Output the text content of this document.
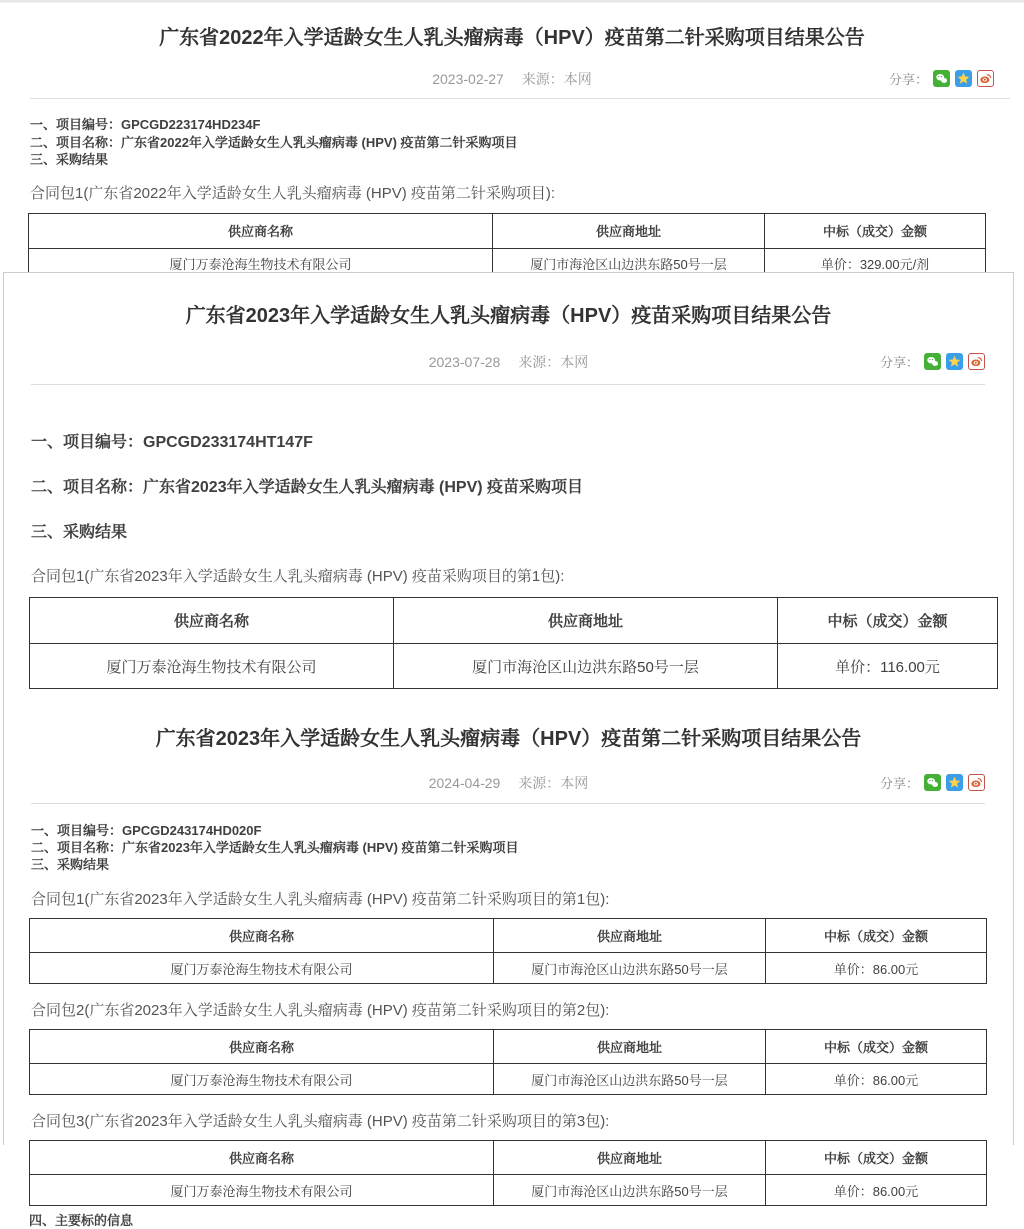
广东省2022年入学适龄女生人乳头瘤病毒（HPV）疫苗第二针采购项目结果公告
2023-02-27 来源：本网	分享：
一、项目编号：GPCGD223174HD234F
二、项目名称：广东省2022年入学适龄女生人乳头瘤病毒 (HPV) 疫苗第二针采购项目
三、采购结果
合同包1(广东省2022年入学适龄女生人乳头瘤病毒 (HPV) 疫苗第二针采购项目):
供应商名称	供应商地址	中标（成交）金额
厦门万泰沧海生物技术有限公司	厦门市海沧区山边洪东路50号一层	单价：329.00元/剂
广东省2023年入学适龄女生人乳头瘤病毒（HPV）疫苗采购项目结果公告
2023-07-28 来源：本网	分享：
一、项目编号：GPCGD233174HT147F
二、项目名称：广东省2023年入学适龄女生人乳头瘤病毒 (HPV) 疫苗采购项目
三、采购结果
合同包1(广东省2023年入学适龄女生人乳头瘤病毒 (HPV) 疫苗采购项目的第1包):
供应商名称	供应商地址	中标（成交）金额
厦门万泰沧海生物技术有限公司	厦门市海沧区山边洪东路50号一层	单价：116.00元
广东省2023年入学适龄女生人乳头瘤病毒（HPV）疫苗第二针采购项目结果公告
2024-04-29 来源：本网	分享：
一、项目编号：GPCGD243174HD020F
二、项目名称：广东省2023年入学适龄女生人乳头瘤病毒 (HPV) 疫苗第二针采购项目
三、采购结果
合同包1(广东省2023年入学适龄女生人乳头瘤病毒 (HPV) 疫苗第二针采购项目的第1包):
供应商名称	供应商地址	中标（成交）金额
厦门万泰沧海生物技术有限公司	厦门市海沧区山边洪东路50号一层	单价：86.00元
合同包2(广东省2023年入学适龄女生人乳头瘤病毒 (HPV) 疫苗第二针采购项目的第2包):
供应商名称	供应商地址	中标（成交）金额
厦门万泰沧海生物技术有限公司	厦门市海沧区山边洪东路50号一层	单价：86.00元
合同包3(广东省2023年入学适龄女生人乳头瘤病毒 (HPV) 疫苗第二针采购项目的第3包):
供应商名称	供应商地址	中标（成交）金额
厦门万泰沧海生物技术有限公司	厦门市海沧区山边洪东路50号一层	单价：86.00元
四、主要标的信息
